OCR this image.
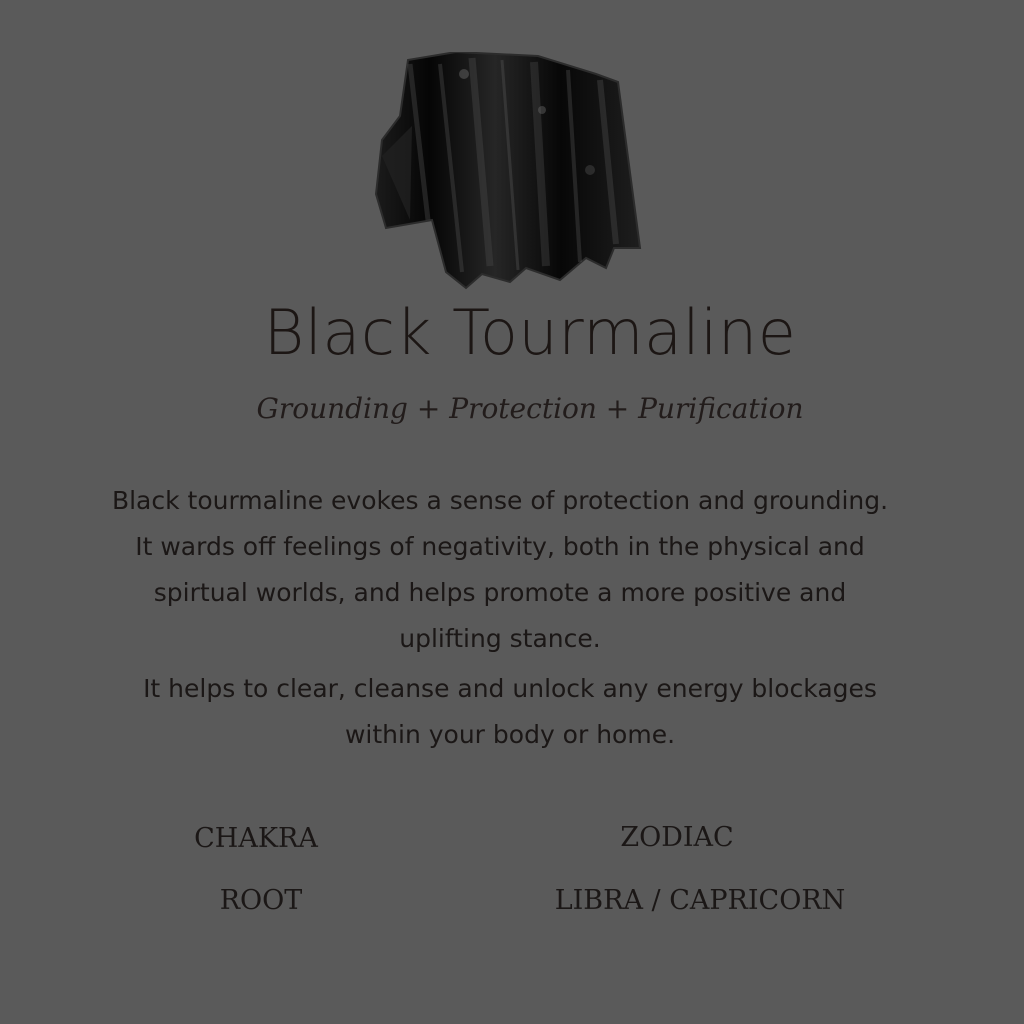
Black Tourmaline
Grounding + Protection + Purification
Black tourmaline evokes a sense of protection and grounding. It wards off feelings of negativity, both in the physical and spirtual worlds, and helps promote a more positive and uplifting stance.
It helps to clear, cleanse and unlock any energy blockages within your body or home.
CHAKRA
ROOT
ZODIAC
LIBRA / CAPRICORN
